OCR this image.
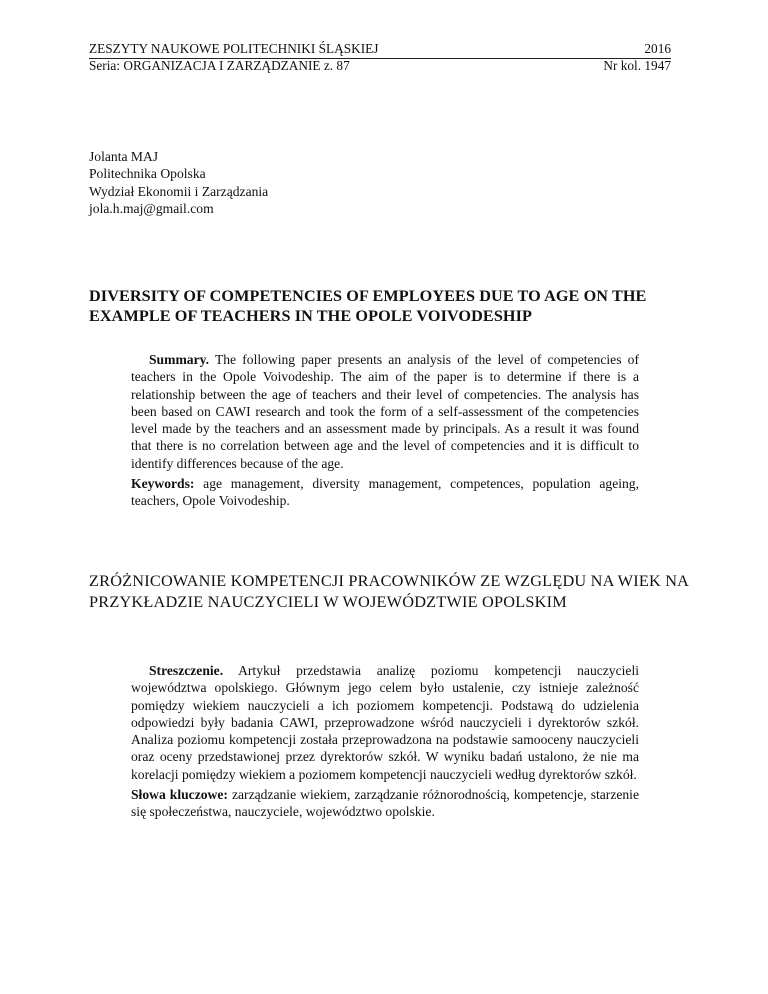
ZESZYTY NAUKOWE POLITECHNIKI ŚLĄSKIEJ	2016
Seria: ORGANIZACJA I ZARZĄDZANIE z. 87	Nr kol. 1947
Jolanta MAJ
Politechnika Opolska
Wydział Ekonomii i Zarządzania
jola.h.maj@gmail.com
DIVERSITY OF COMPETENCIES OF EMPLOYEES DUE TO AGE ON THE EXAMPLE OF TEACHERS IN THE OPOLE VOIVODESHIP

Summary. The following paper presents an analysis of the level of competencies of teachers in the Opole Voivodeship. The aim of the paper is to determine if there is a relationship between the age of teachers and their level of competencies. The analysis has been based on CAWI research and took the form of a self-assessment of the competencies level made by the teachers and an assessment made by principals. As a result it was found that there is no correlation between age and the level of competencies and it is difficult to identify differences because of the age.

Keywords: age management, diversity management, competences, population ageing, teachers, Opole Voivodeship.

ZRÓŻNICOWANIE KOMPETENCJI PRACOWNIKÓW ZE WZGLĘDU NA WIEK NA PRZYKŁADZIE NAUCZYCIELI W WOJEWÓDZTWIE OPOLSKIM

Streszczenie. Artykuł przedstawia analizę poziomu kompetencji nauczycieli województwa opolskiego. Głównym jego celem było ustalenie, czy istnieje zależność pomiędzy wiekiem nauczycieli a ich poziomem kompetencji. Podstawą do udzielenia odpowiedzi były badania CAWI, przeprowadzone wśród nauczycieli i dyrektorów szkół. Analiza poziomu kompetencji została przeprowadzona na podstawie samooceny nauczycieli oraz oceny przedstawionej przez dyrektorów szkół. W wyniku badań ustalono, że nie ma korelacji pomiędzy wiekiem a poziomem kompetencji nauczycieli według dyrektorów szkół.

Słowa kluczowe: zarządzanie wiekiem, zarządzanie różnorodnością, kompetencje, starzenie się społeczeństwa, nauczyciele, województwo opolskie.
